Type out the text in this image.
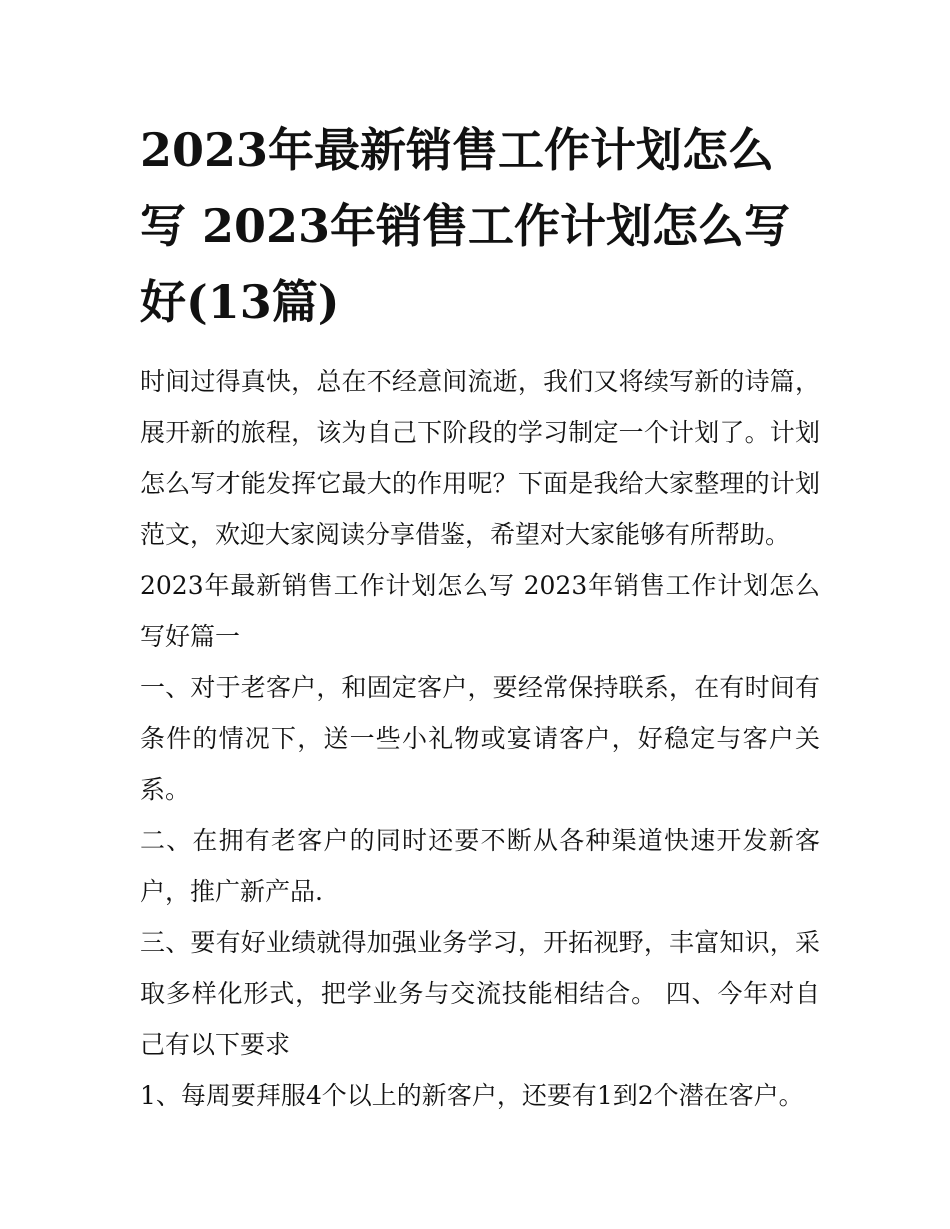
2023年最新销售工作计划怎么写 2023年销售工作计划怎么写好(13篇)

时间过得真快，总在不经意间流逝，我们又将续写新的诗篇，展开新的旅程，该为自己下阶段的学习制定一个计划了。计划怎么写才能发挥它最大的作用呢？下面是我给大家整理的计划范文，欢迎大家阅读分享借鉴，希望对大家能够有所帮助。

2023年最新销售工作计划怎么写 2023年销售工作计划怎么写好篇一

一、对于老客户，和固定客户，要经常保持联系，在有时间有条件的情况下，送一些小礼物或宴请客户，好稳定与客户关系。

二、在拥有老客户的同时还要不断从各种渠道快速开发新客户，推广新产品.

三、要有好业绩就得加强业务学习，开拓视野，丰富知识，采取多样化形式，把学业务与交流技能相结合。 四、今年对自己有以下要求

1、每周要拜服4个以上的新客户，还要有1到2个潜在客户。
